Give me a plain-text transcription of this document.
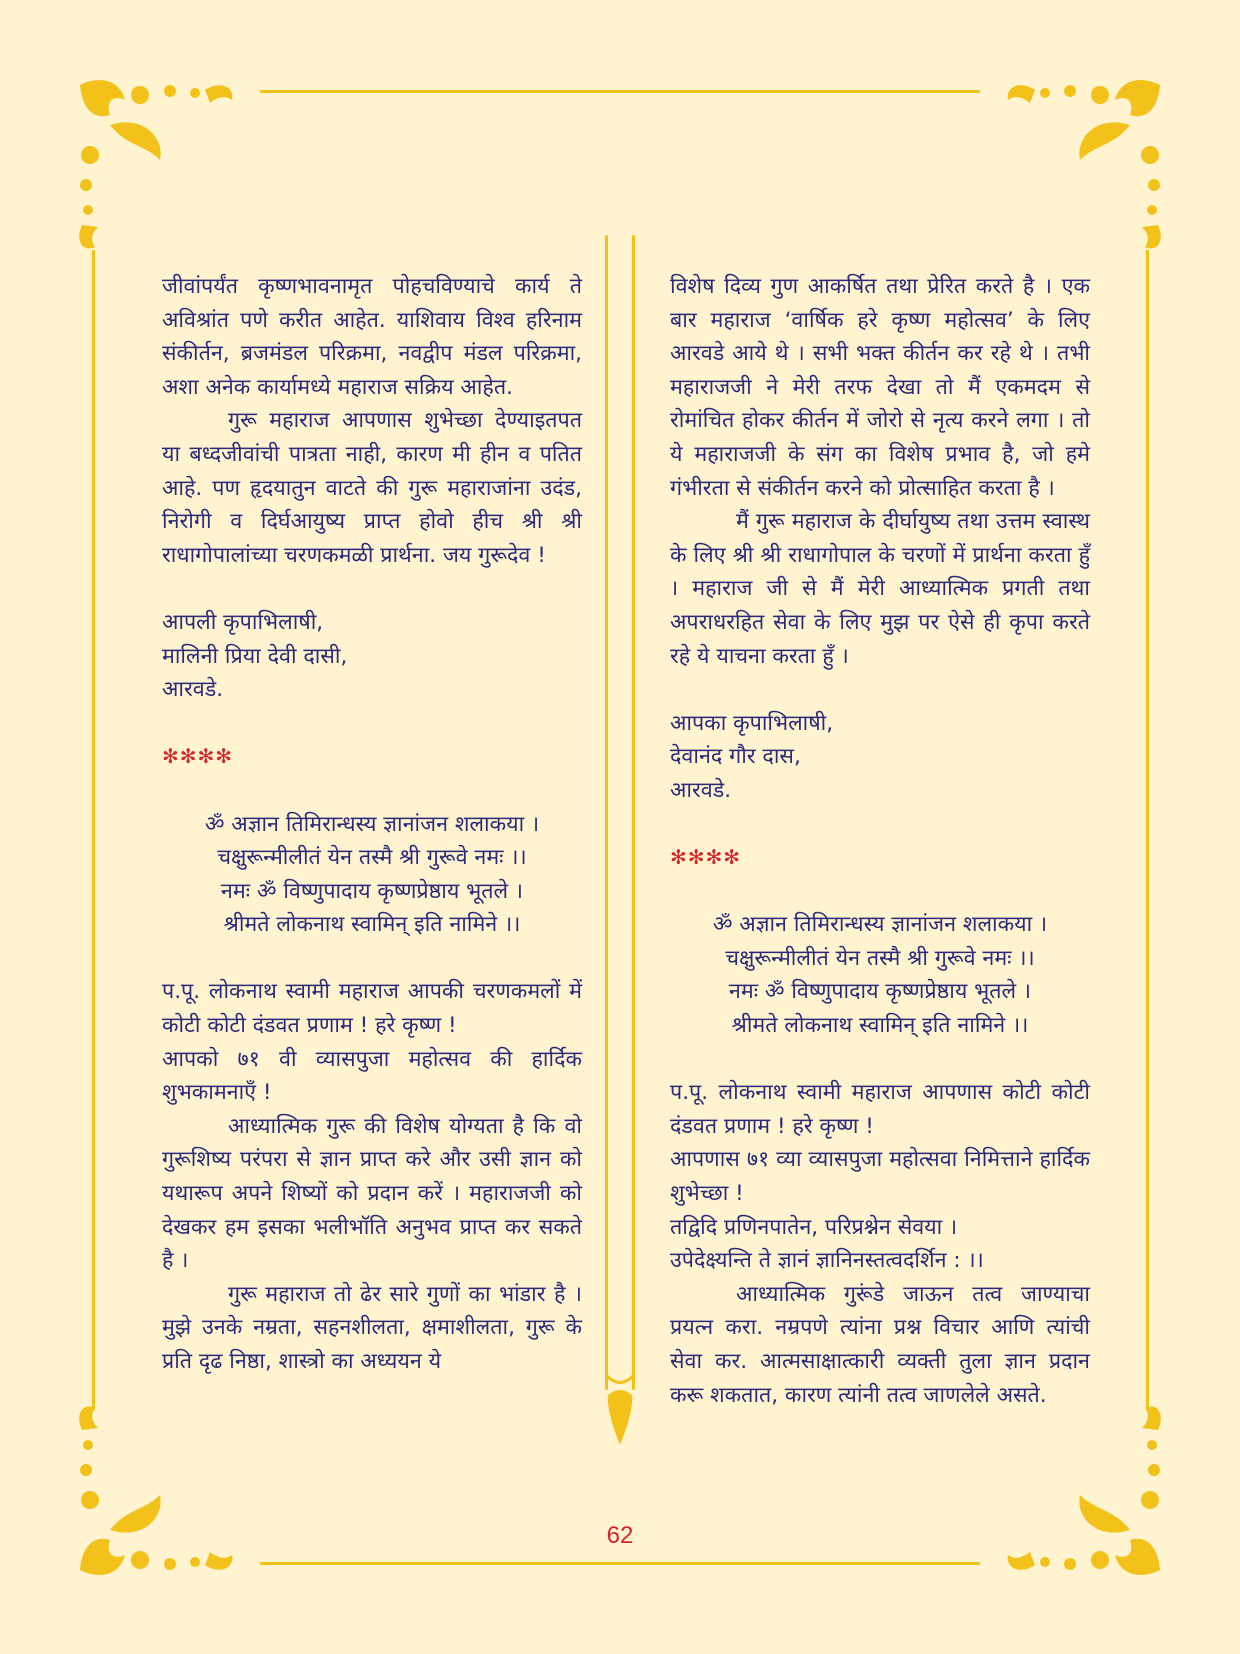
जीवांपर्यंत कृष्णभावनामृत पोहचविण्याचे कार्य ते अविश्रांत पणे करीत आहेत. याशिवाय विश्व हरिनाम संकीर्तन, ब्रजमंडल परिक्रमा, नवद्वीप मंडल परिक्रमा, अशा अनेक कार्यामध्ये महाराज सक्रिय आहेत.

गुरू महाराज आपणास शुभेच्छा देण्याइतपत या बध्दजीवांची पात्रता नाही, कारण मी हीन व पतित आहे. पण हृदयातुन वाटते की गुरू महाराजांना उदंड, निरोगी व दिर्घआयुष्य प्राप्त होवो हीच श्री श्री राधागोपालांच्या चरणकमळी प्रार्थना. जय गुरूदेव !

आपली कृपाभिलाषी,

मालिनी प्रिया देवी दासी,

आरवडे.

✻✻✻✻

ॐ अज्ञान तिमिरान्धस्य ज्ञानांजन शलाकया ।

चक्षुरून्मीलीतं येन तस्मै श्री गुरूवे नमः ।।

नमः ॐ विष्णुपादाय कृष्णप्रेष्ठाय भूतले ।

श्रीमते लोकनाथ स्वामिन् इति नामिने ।।

प.पू. लोकनाथ स्वामी महाराज आपकी चरणकमलों में कोटी कोटी दंडवत प्रणाम ! हरे कृष्ण !

आपको ७१ वी व्यासपुजा महोत्सव की हार्दिक शुभकामनाएँ !

आध्यात्मिक गुरू की विशेष योग्यता है कि वो गुरूशिष्य परंपरा से ज्ञान प्राप्त करे और उसी ज्ञान को यथारूप अपने शिष्यों को प्रदान करें । महाराजजी को देखकर हम इसका भलीभॉति अनुभव प्राप्त कर सकते है ।

गुरू महाराज तो ढेर सारे गुणों का भांडार है । मुझे उनके नम्रता, सहनशीलता, क्षमाशीलता, गुरू के प्रति दृढ निष्ठा, शास्त्रो का अध्ययन ये

विशेष दिव्य गुण आकर्षित तथा प्रेरित करते है । एक बार महाराज ‘वार्षिक हरे कृष्ण महोत्सव’ के लिए आरवडे आये थे । सभी भक्त कीर्तन कर रहे थे । तभी महाराजजी ने मेरी तरफ देखा तो मैं एकमदम से रोमांचित होकर कीर्तन में जोरो से नृत्य करने लगा । तो ये महाराजजी के संग का विशेष प्रभाव है, जो हमे गंभीरता से संकीर्तन करने को प्रोत्साहित करता है ।

मैं गुरू महाराज के दीर्घायुष्य तथा उत्तम स्वास्थ के लिए श्री श्री राधागोपाल के चरणों में प्रार्थना करता हुँ । महाराज जी से मैं मेरी आध्यात्मिक प्रगती तथा अपराधरहित सेवा के लिए मुझ पर ऐसे ही कृपा करते रहे ये याचना करता हुँ ।

आपका कृपाभिलाषी,

देवानंद गौर दास,

आरवडे.

✻✻✻✻

ॐ अज्ञान तिमिरान्धस्य ज्ञानांजन शलाकया ।

चक्षुरून्मीलीतं येन तस्मै श्री गुरूवे नमः ।।

नमः ॐ विष्णुपादाय कृष्णप्रेष्ठाय भूतले ।

श्रीमते लोकनाथ स्वामिन् इति नामिने ।।

प.पू. लोकनाथ स्वामी महाराज आपणास कोटी कोटी दंडवत प्रणाम ! हरे कृष्ण !

आपणास ७१ व्या व्यासपुजा महोत्सवा निमित्ताने हार्दिक शुभेच्छा !

तद्विदि प्रणिनपातेन, परिप्रश्नेन सेवया ।

उपेदेक्ष्यन्ति ते ज्ञानं ज्ञानिनस्तत्वदर्शिन : ।।

आध्यात्मिक गुरूंडे जाऊन तत्व जाण्याचा प्रयत्न करा. नम्रपणे त्यांना प्रश्न विचार आणि त्यांची सेवा कर. आत्मसाक्षात्कारी व्यक्ती तुला ज्ञान प्रदान करू शकतात, कारण त्यांनी तत्व जाणलेले असते.

62
